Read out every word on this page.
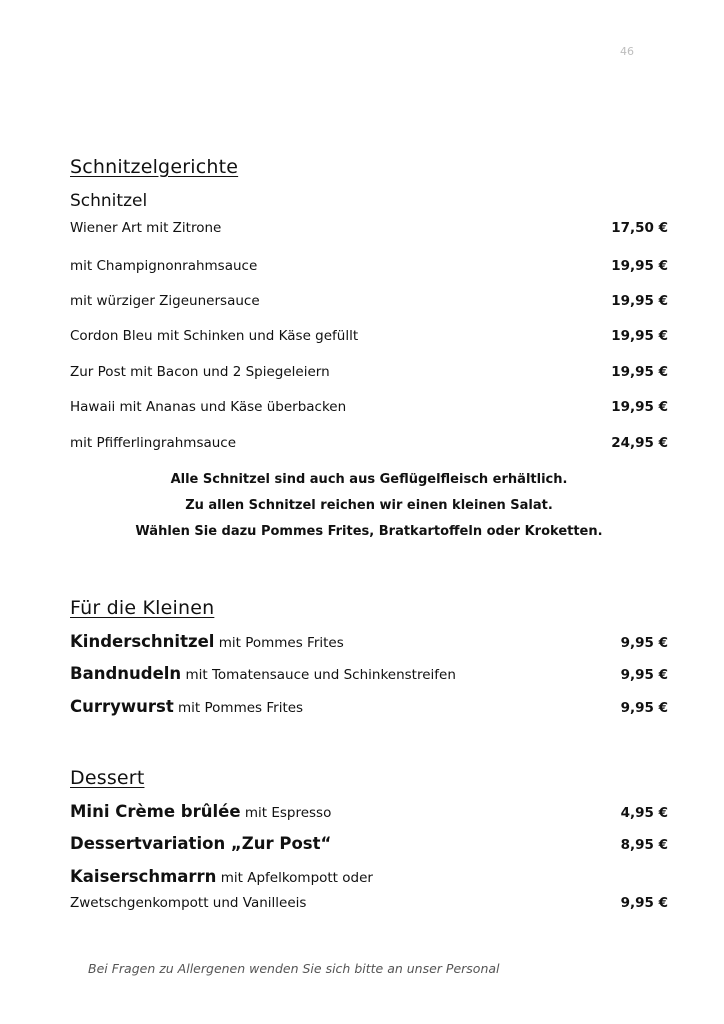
46
Schnitzelgerichte
Schnitzel
Wiener Art mit Zitrone	17,50 €
mit Champignonrahmsauce	19,95 €
mit würziger Zigeunersauce	19,95 €
Cordon Bleu mit Schinken und Käse gefüllt	19,95 €
Zur Post mit Bacon und 2 Spiegeleiern	19,95 €
Hawaii mit Ananas und Käse überbacken	19,95 €
mit Pfifferlingrahmsauce	24,95 €
Alle Schnitzel sind auch aus Geflügelfleisch erhältlich.
Zu allen Schnitzel reichen wir einen kleinen Salat.
Wählen Sie dazu Pommes Frites, Bratkartoffeln oder Kroketten.
Für die Kleinen
Kinderschnitzel mit Pommes Frites	9,95 €
Bandnudeln mit Tomatensauce und Schinkenstreifen	9,95 €
Currywurst mit Pommes Frites	9,95 €
Dessert
Mini Crème brûlée mit Espresso	4,95 €
Dessertvariation „Zur Post“	8,95 €
Kaiserschmarrn mit Apfelkompott oder
Zwetschgenkompott und Vanilleeis	9,95 €
Bei Fragen zu Allergenen wenden Sie sich bitte an unser Personal
